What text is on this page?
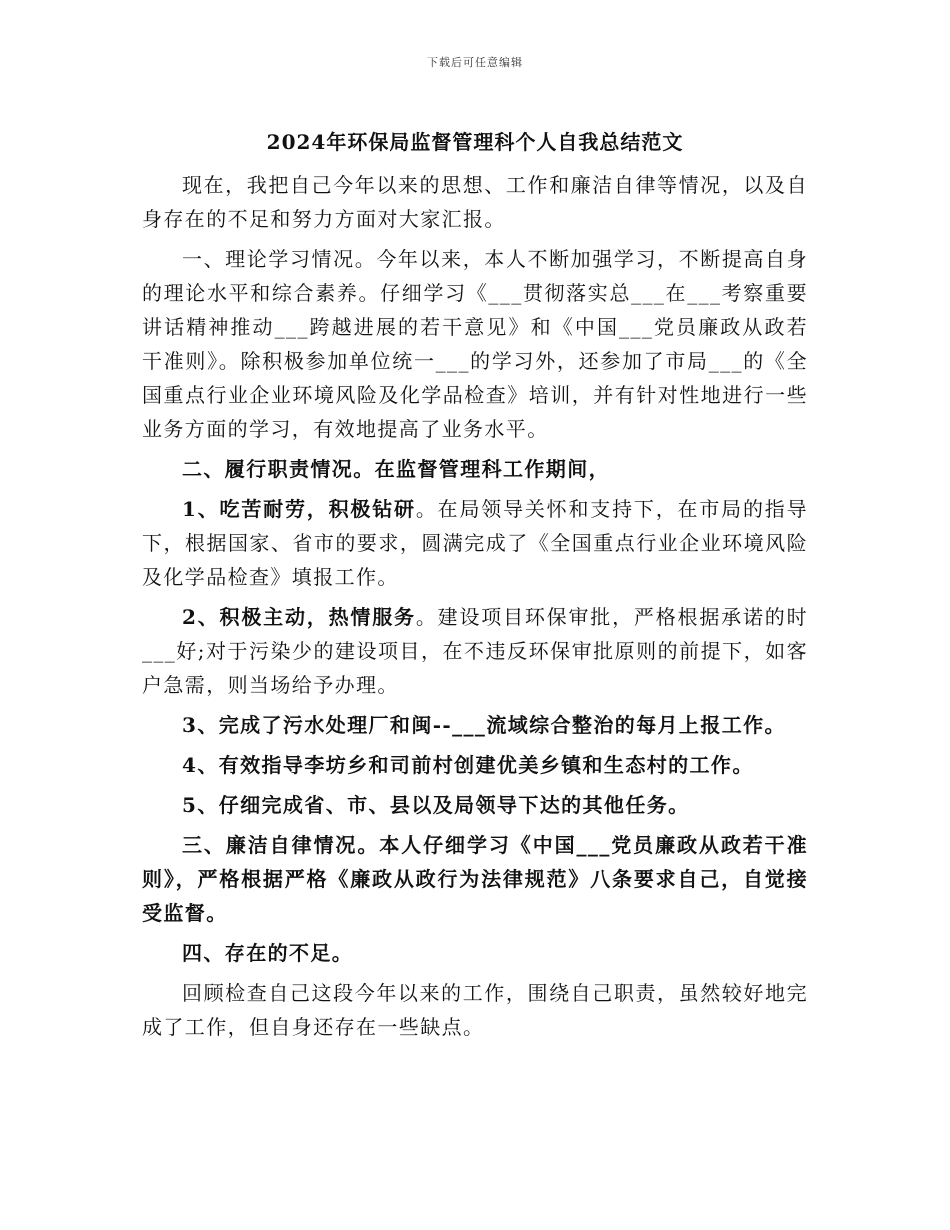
下载后可任意编辑
2024年环保局监督管理科个人自我总结范文

现在，我把自己今年以来的思想、工作和廉洁自律等情况，以及自身存在的不足和努力方面对大家汇报。

一、理论学习情况。今年以来，本人不断加强学习，不断提高自身的理论水平和综合素养。仔细学习《___贯彻落实总___在___考察重要讲话精神推动___跨越进展的若干意见》和《中国___党员廉政从政若干准则》。除积极参加单位统一___的学习外，还参加了市局___的《全国重点行业企业环境风险及化学品检查》培训，并有针对性地进行一些业务方面的学习，有效地提高了业务水平。

二、履行职责情况。在监督管理科工作期间，

1、吃苦耐劳，积极钻研。在局领导关怀和支持下，在市局的指导下，根据国家、省市的要求，圆满完成了《全国重点行业企业环境风险及化学品检查》填报工作。

2、积极主动，热情服务。建设项目环保审批，严格根据承诺的时___好;对于污染少的建设项目，在不违反环保审批原则的前提下，如客户急需，则当场给予办理。

3、完成了污水处理厂和闽--___流域综合整治的每月上报工作。

4、有效指导李坊乡和司前村创建优美乡镇和生态村的工作。

5、仔细完成省、市、县以及局领导下达的其他任务。

三、廉洁自律情况。本人仔细学习《中国___党员廉政从政若干准则》，严格根据严格《廉政从政行为法律规范》八条要求自己，自觉接受监督。

四、存在的不足。

回顾检查自己这段今年以来的工作，围绕自己职责，虽然较好地完成了工作，但自身还存在一些缺点。
